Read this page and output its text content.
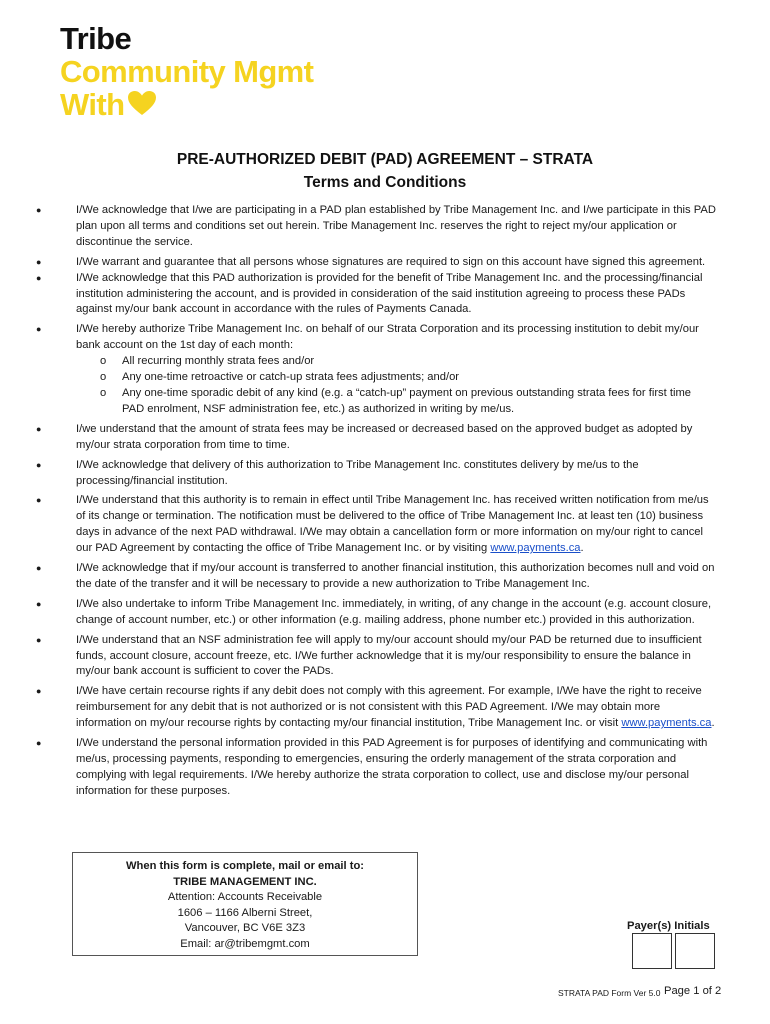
Tribe
Community Mgmt
With
PRE-AUTHORIZED DEBIT (PAD) AGREEMENT – STRATA
Terms and Conditions
●	I/We acknowledge that I/we are participating in a PAD plan established by Tribe Management Inc. and I/we participate in this PAD plan upon all terms and conditions set out herein. Tribe Management Inc. reserves the right to reject my/our application or discontinue the service.
●	I/We warrant and guarantee that all persons whose signatures are required to sign on this account have signed this agreement.
●	I/We acknowledge that this PAD authorization is provided for the benefit of Tribe Management Inc. and the processing/financial institution administering the account, and is provided in consideration of the said institution agreeing to process these PADs against my/our bank account in accordance with the rules of Payments Canada.
●	I/We hereby authorize Tribe Management Inc. on behalf of our Strata Corporation and its processing institution to debit my/our bank account on the 1st day of each month:
o All recurring monthly strata fees and/or
o Any one-time retroactive or catch-up strata fees adjustments; and/or
o Any one-time sporadic debit of any kind (e.g. a “catch-up” payment on previous outstanding strata fees for first time PAD enrolment, NSF administration fee, etc.) as authorized in writing by me/us.
●	I/we understand that the amount of strata fees may be increased or decreased based on the approved budget as adopted by my/our strata corporation from time to time.
●	I/We acknowledge that delivery of this authorization to Tribe Management Inc. constitutes delivery by me/us to the processing/financial institution.
●	I/We understand that this authority is to remain in effect until Tribe Management Inc. has received written notification from me/us of its change or termination. The notification must be delivered to the office of Tribe Management Inc. at least ten (10) business days in advance of the next PAD withdrawal. I/We may obtain a cancellation form or more information on my/our right to cancel our PAD Agreement by contacting the office of Tribe Management Inc. or by visiting www.payments.ca.
●	I/We acknowledge that if my/our account is transferred to another financial institution, this authorization becomes null and void on the date of the transfer and it will be necessary to provide a new authorization to Tribe Management Inc.
●	I/We also undertake to inform Tribe Management Inc. immediately, in writing, of any change in the account (e.g. account closure, change of account number, etc.) or other information (e.g. mailing address, phone number etc.) provided in this authorization.
●	I/We understand that an NSF administration fee will apply to my/our account should my/our PAD be returned due to insufficient funds, account closure, account freeze, etc. I/We further acknowledge that it is my/our responsibility to ensure the balance in my/our bank account is sufficient to cover the PADs.
●	I/We have certain recourse rights if any debit does not comply with this agreement. For example, I/We have the right to receive reimbursement for any debit that is not authorized or is not consistent with this PAD Agreement. I/We may obtain more information on my/our recourse rights by contacting my/our financial institution, Tribe Management Inc. or visit www.payments.ca.
●	I/We understand the personal information provided in this PAD Agreement is for purposes of identifying and communicating with me/us, processing payments, responding to emergencies, ensuring the orderly management of the strata corporation and complying with legal requirements. I/We hereby authorize the strata corporation to collect, use and disclose my/our personal information for these purposes.
When this form is complete, mail or email to:
TRIBE MANAGEMENT INC.
Attention: Accounts Receivable
1606 – 1166 Alberni Street,
Vancouver, BC V6E 3Z3
Email: ar@tribemgmt.com
Payer(s) Initials
STRATA PAD Form Ver 5.0 Page 1 of 2
